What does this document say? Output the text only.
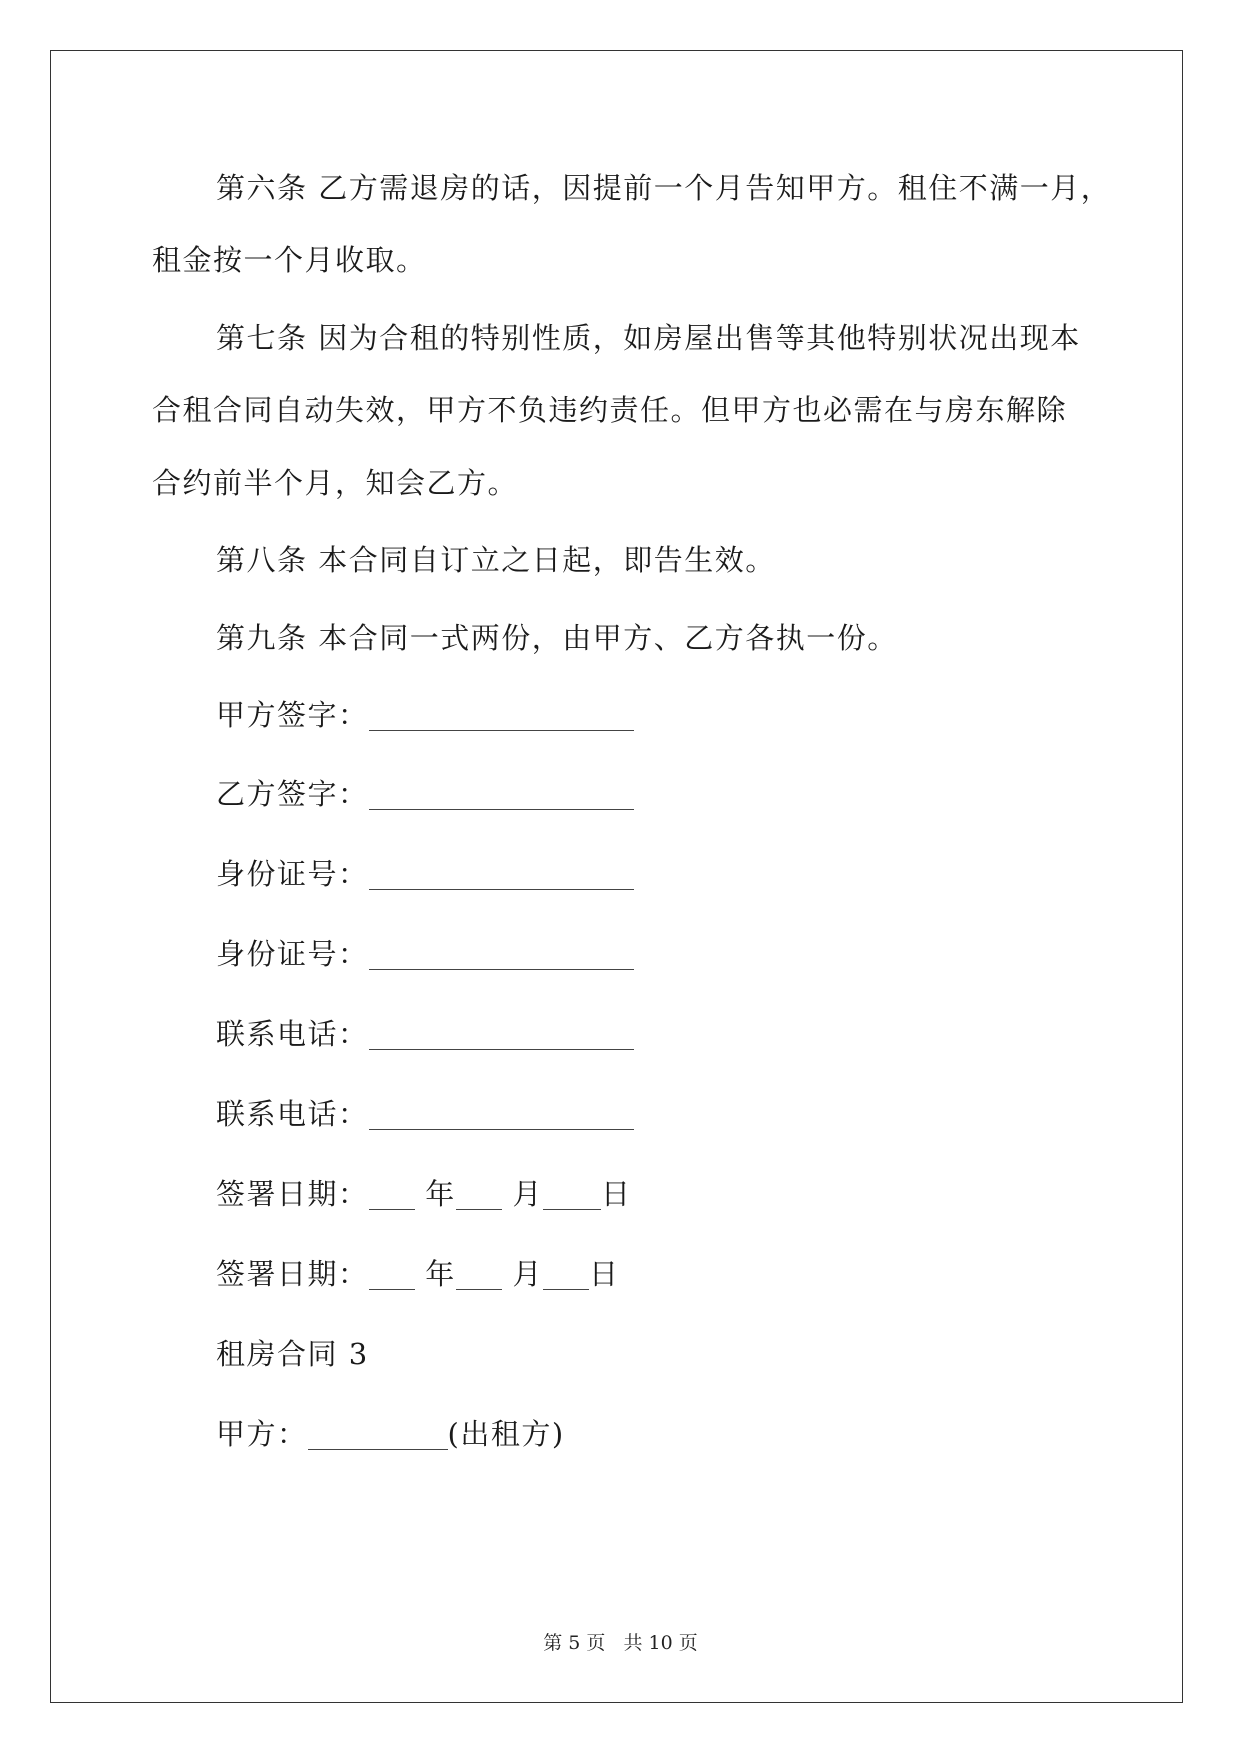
第六条 乙方需退房的话，因提前一个月告知甲方。租住不满一月，
租金按一个月收取。
第七条 因为合租的特别性质，如房屋出售等其他特别状况出现本
合租合同自动失效，甲方不负违约责任。但甲方也必需在与房东解除
合约前半个月，知会乙方。
第八条 本合同自订立之日起，即告生效。
第九条 本合同一式两份，由甲方、乙方各执一份。
甲方签字：
乙方签字：
身份证号：
身份证号：
联系电话：
联系电话：
签署日期： 年 月 日
签署日期： 年 月 日
租房合同 3
甲方：	(出租方)
第 5 页 共 10 页
